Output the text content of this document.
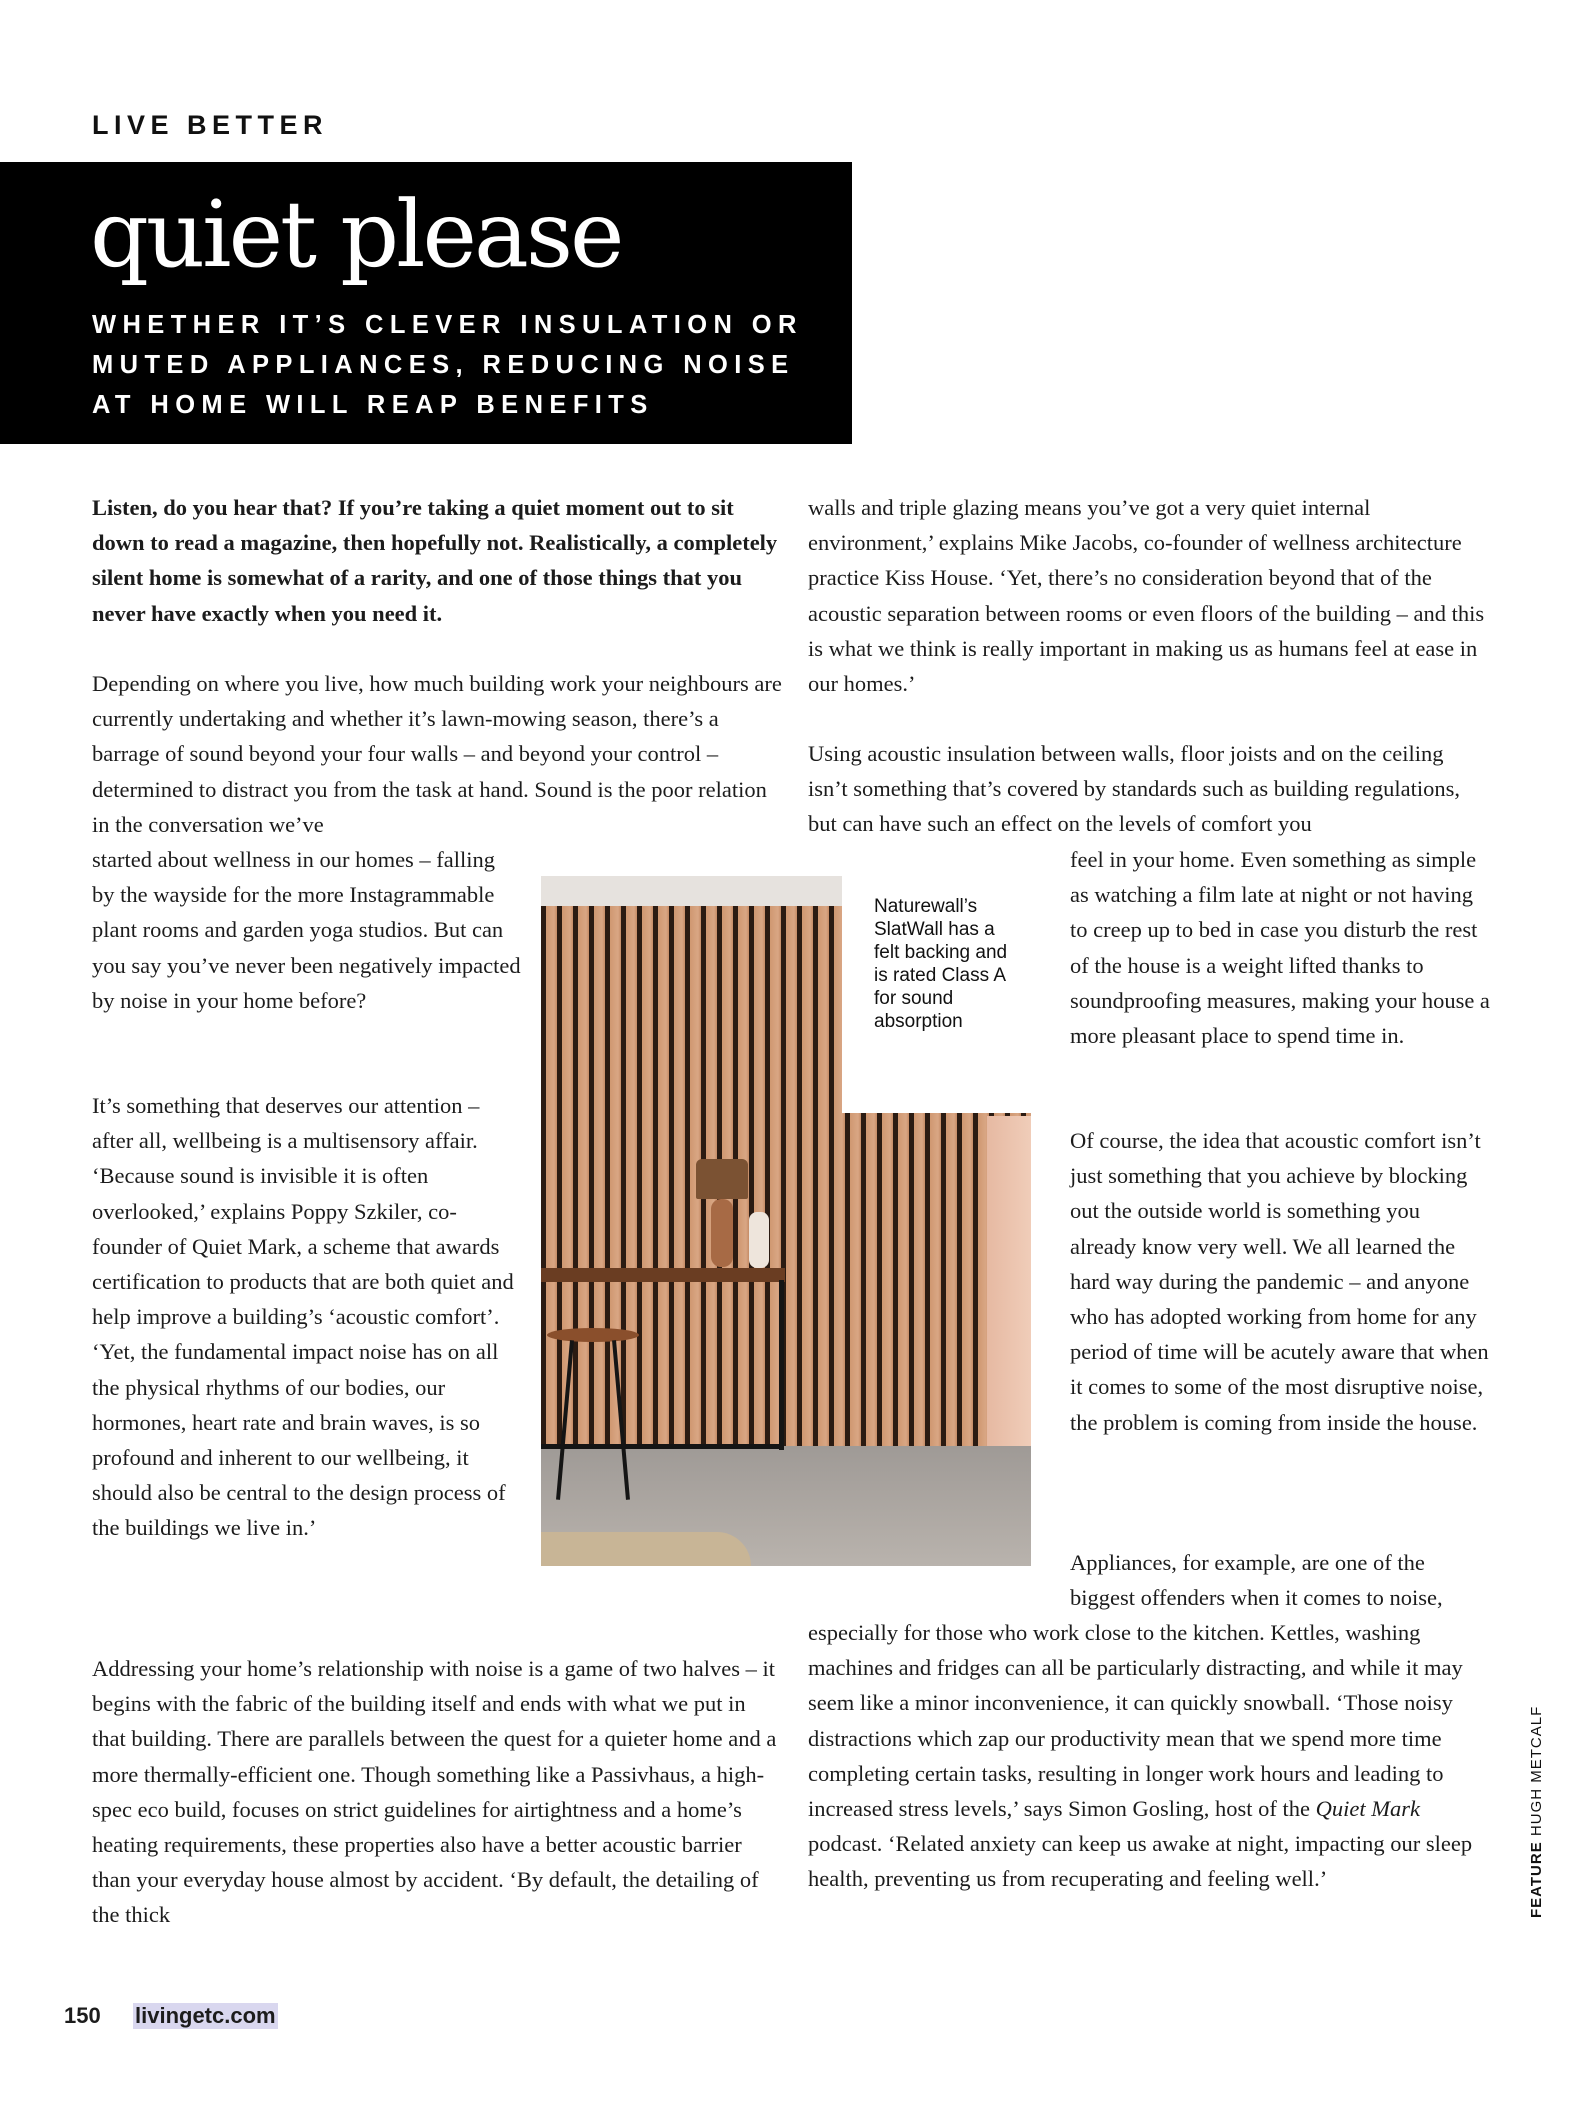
LIVE BETTER
quiet please
WHETHER IT’S CLEVER INSULATION OR MUTED APPLIANCES, REDUCING NOISE AT HOME WILL REAP BENEFITS
Listen, do you hear that? If you’re taking a quiet moment out to sit down to read a magazine, then hopefully not. Realistically, a completely silent home is somewhat of a rarity, and one of those things that you never have exactly when you need it.
Depending on where you live, how much building work your neighbours are currently undertaking and whether it’s lawn-mowing season, there’s a barrage of sound beyond your four walls – and beyond your control – determined to distract you from the task at hand. Sound is the poor relation in the conversation we’ve
started about wellness in our homes – falling by the wayside for the more Instagrammable plant rooms and garden yoga studios. But can you say you’ve never been negatively impacted by noise in your home before?
It’s something that deserves our attention – after all, wellbeing is a multisensory affair. ‘Because sound is invisible it is often overlooked,’ explains Poppy Szkiler, co-founder of Quiet Mark, a scheme that awards certification to products that are both quiet and help improve a building’s ‘acoustic comfort’. ‘Yet, the fundamental impact noise has on all the physical rhythms of our bodies, our hormones, heart rate and brain waves, is so profound and inherent to our wellbeing, it should also be central to the design process of the buildings we live in.’
Addressing your home’s relationship with noise is a game of two halves – it begins with the fabric of the building itself and ends with what we put in that building. There are parallels between the quest for a quieter home and a more thermally-efficient one. Though something like a Passivhaus, a high-spec eco build, focuses on strict guidelines for airtightness and a home’s heating requirements, these properties also have a better acoustic barrier than your everyday house almost by accident. ‘By default, the detailing of the thick
walls and triple glazing means you’ve got a very quiet internal environment,’ explains Mike Jacobs, co-founder of wellness architecture practice Kiss House. ‘Yet, there’s no consideration beyond that of the acoustic separation between rooms or even floors of the building – and this is what we think is really important in making us as humans feel at ease in our homes.’
Using acoustic insulation between walls, floor joists and on the ceiling isn’t something that’s covered by standards such as building regulations, but can have such an effect on the levels of comfort you
feel in your home. Even something as simple as watching a film late at night or not having to creep up to bed in case you disturb the rest of the house is a weight lifted thanks to soundproofing measures, making your house a more pleasant place to spend time in.
Of course, the idea that acoustic comfort isn’t just something that you achieve by blocking out the outside world is something you already know very well. We all learned the hard way during the pandemic – and anyone who has adopted working from home for any period of time will be acutely aware that when it comes to some of the most disruptive noise, the problem is coming from inside the house.
Appliances, for example, are one of the biggest offenders when it comes to noise,
especially for those who work close to the kitchen. Kettles, washing machines and fridges can all be particularly distracting, and while it may seem like a minor inconvenience, it can quickly snowball. ‘Those noisy distractions which zap our productivity mean that we spend more time completing certain tasks, resulting in longer work hours and leading to increased stress levels,’ says Simon Gosling, host of the Quiet Mark podcast. ‘Related anxiety can keep us awake at night, impacting our sleep health, preventing us from recuperating and feeling well.’
Naturewall’s SlatWall has a felt backing and is rated Class A for sound absorption
150 livingetc.com
FEATURE HUGH METCALF
